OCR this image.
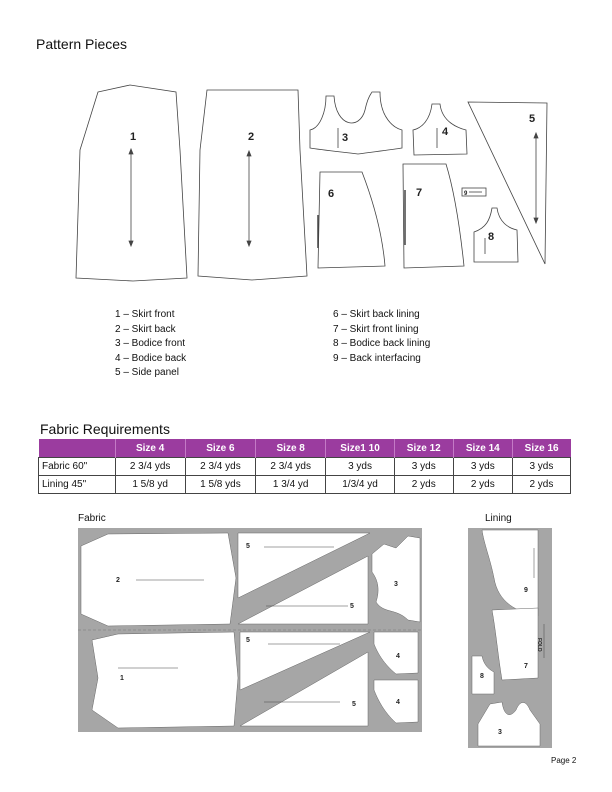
Pattern Pieces
1	2	3	4
5
6	7
8
9
1 – Skirt front
2 – Skirt back
3 – Bodice front
4 – Bodice back
5 – Side panel
6 – Skirt back lining
7 – Skirt front lining
8 – Bodice back lining
9 – Back interfacing
Fabric Requirements
	Size 4	Size 6	Size 8	Size1 10	Size 12	Size 14	Size 16
Fabric 60"	2 3/4 yds	2 3/4 yds	2 3/4 yds	3 yds	3 yds	3 yds	3 yds
Lining 45"	1 5/8 yd	1 5/8 yds	1 3/4 yd	1/3/4 yd	2 yds	2 yds	2 yds
Fabric	Lining
2
5
5
3
1
5
5
4
4
9
7
8
3
FOLD
Page 2
